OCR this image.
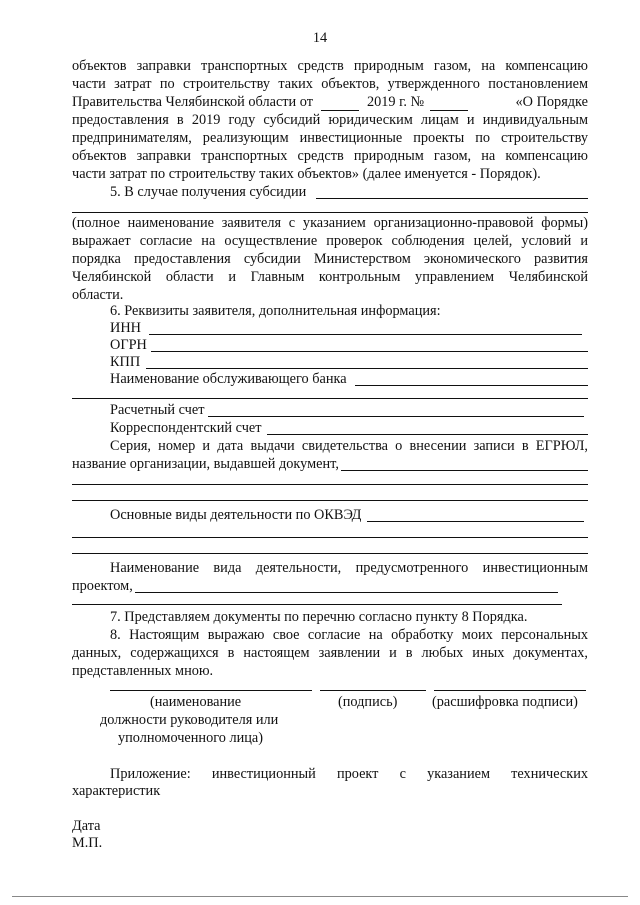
14
объектов заправки транспортных средств природным газом, на компенсацию
части затрат по строительству таких объектов, утвержденного постановлением
Правительства Челябинской области от	2019 г. №	«О Порядке
предоставления в 2019 году субсидий юридическим лицам и индивидуальным
предпринимателям, реализующим инвестиционные проекты по строительству
объектов заправки транспортных средств природным газом, на компенсацию
части затрат по строительству таких объектов» (далее именуется - Порядок).
5. В случае получения субсидии
(полное наименование заявителя с указанием организационно-правовой формы)
выражает согласие на осуществление проверок соблюдения целей, условий и
порядка предоставления субсидии Министерством экономического развития
Челябинской области и Главным контрольным управлением Челябинской
области.
6. Реквизиты заявителя, дополнительная информация:
ИНН
ОГРН
КПП
Наименование обслуживающего банка
Расчетный счет
Корреспондентский счет
Серия, номер и дата выдачи свидетельства о внесении записи в ЕГРЮЛ,
название организации, выдавшей документ,
Основные виды деятельности по ОКВЭД
Наименование вида деятельности, предусмотренного инвестиционным
проектом,
7. Представляем документы по перечню согласно пункту 8 Порядка.
8. Настоящим выражаю свое согласие на обработку моих персональных
данных, содержащихся в настоящем заявлении и в любых иных документах,
представленных мною.
(наименование
должности руководителя или
уполномоченного лица)
(подпись) (расшифровка подписи)
Приложение: инвестиционный проект с указанием технических
характеристик
Дата
М.П.
